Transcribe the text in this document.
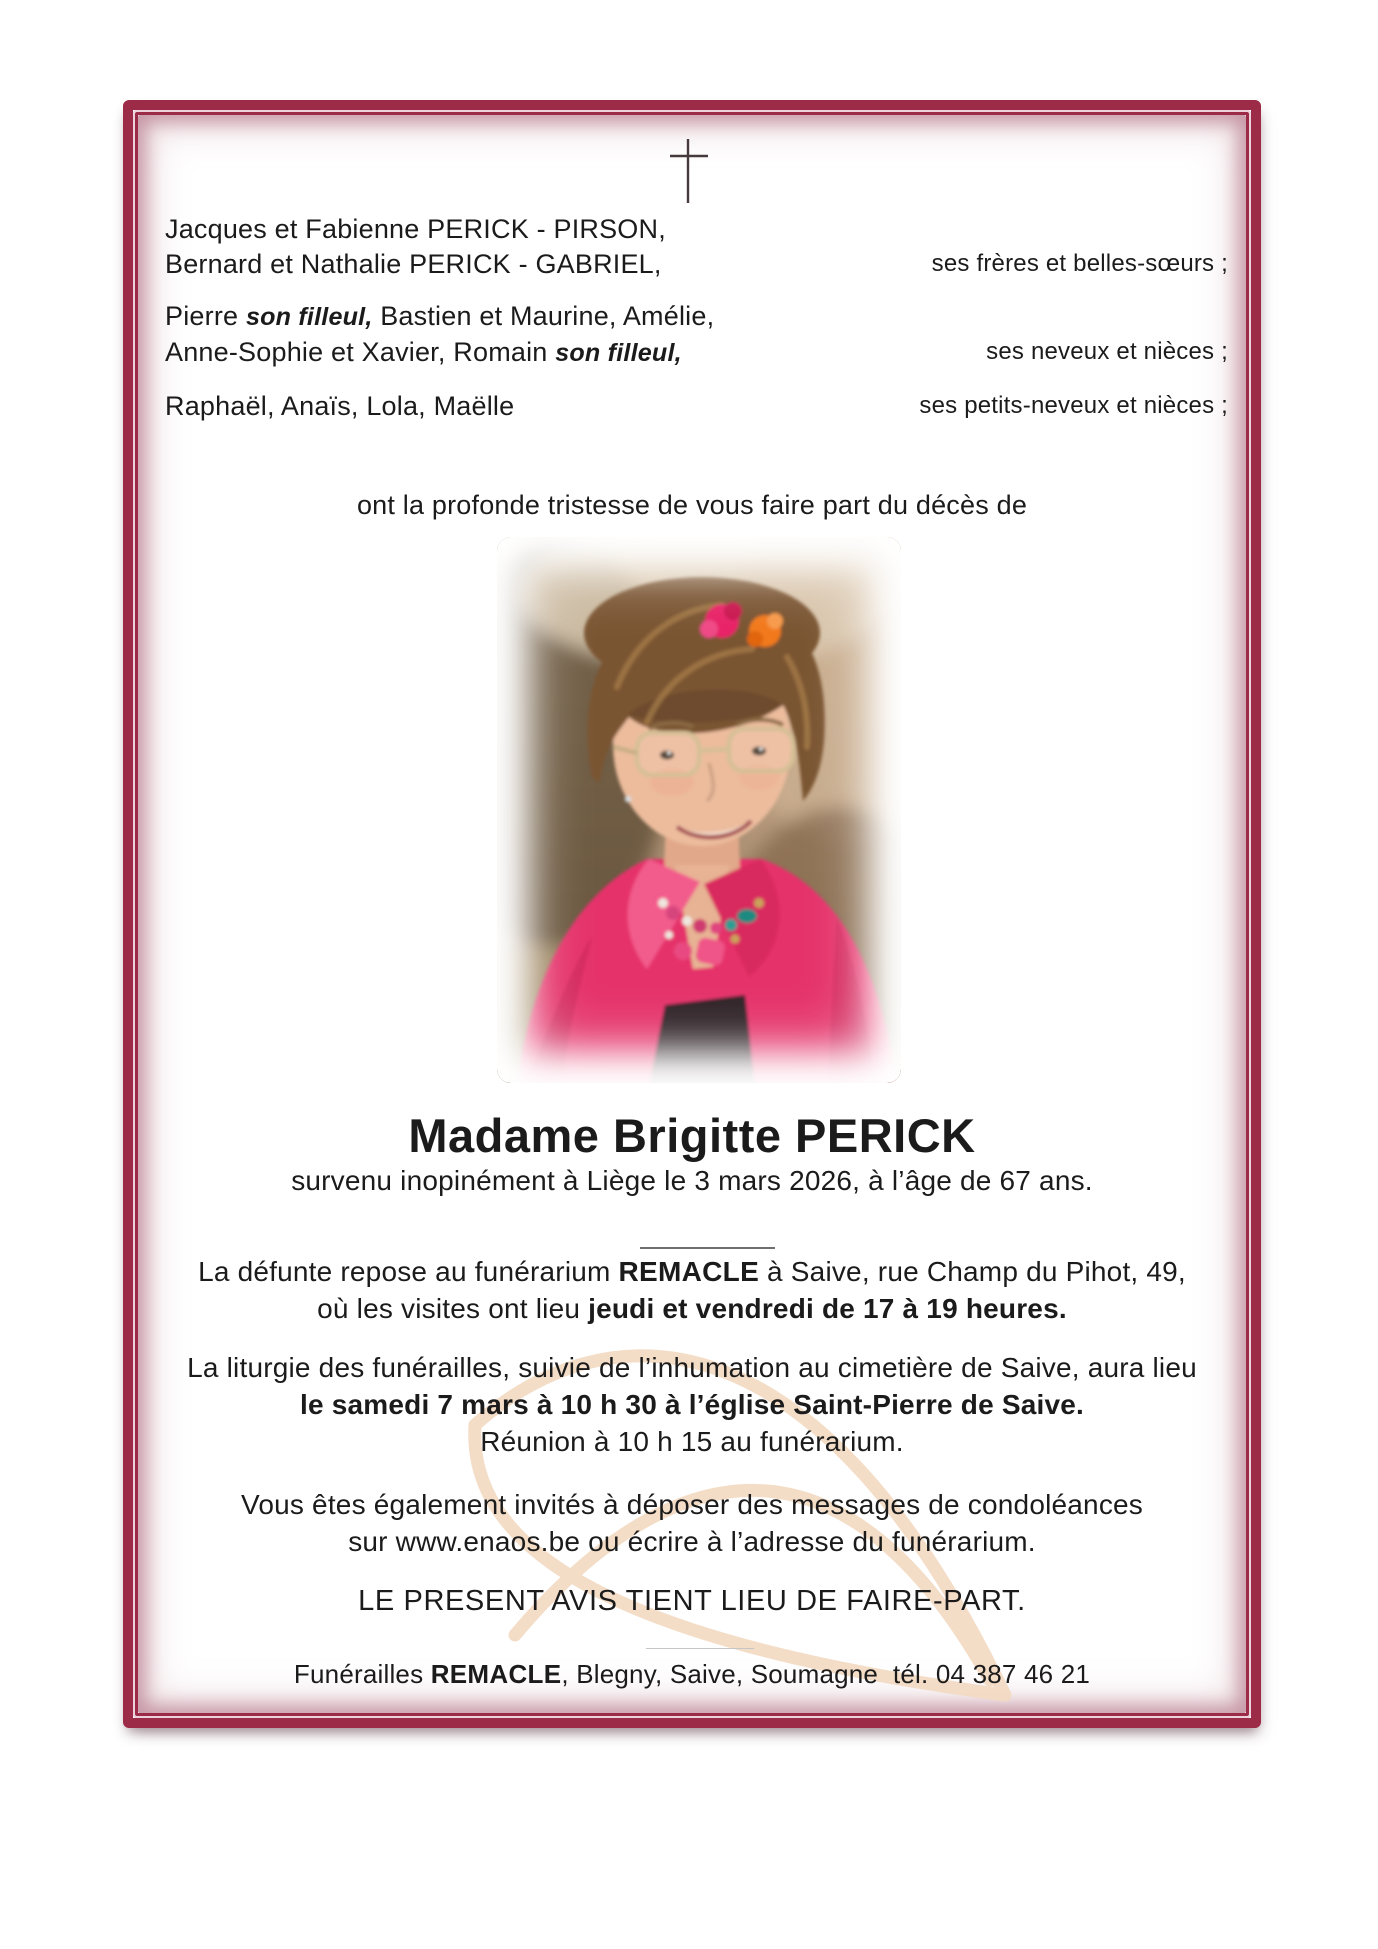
Jacques et Fabienne PERICK - PIRSON,
Bernard et Nathalie PERICK - GABRIEL,	ses frères et belles-sœurs ;
Pierre son filleul, Bastien et Maurine, Amélie,
Anne-Sophie et Xavier, Romain son filleul,	ses neveux et nièces ;
Raphaël, Anaïs, Lola, Maëlle	ses petits-neveux et nièces ;
ont la profonde tristesse de vous faire part du décès de
Madame Brigitte PERICK
survenu inopinément à Liège le 3 mars 2026, à l’âge de 67 ans.
La défunte repose au funérarium REMACLE à Saive, rue Champ du Pihot, 49,
où les visites ont lieu jeudi et vendredi de 17 à 19 heures.
La liturgie des funérailles, suivie de l’inhumation au cimetière de Saive, aura lieu
le samedi 7 mars à 10 h 30 à l’église Saint-Pierre de Saive.
Réunion à 10 h 15 au funérarium.
Vous êtes également invités à déposer des messages de condoléances
sur www.enaos.be ou écrire à l’adresse du funérarium.
LE PRESENT AVIS TIENT LIEU DE FAIRE-PART.
Funérailles REMACLE, Blegny, Saive, Soumagne  tél. 04 387 46 21
